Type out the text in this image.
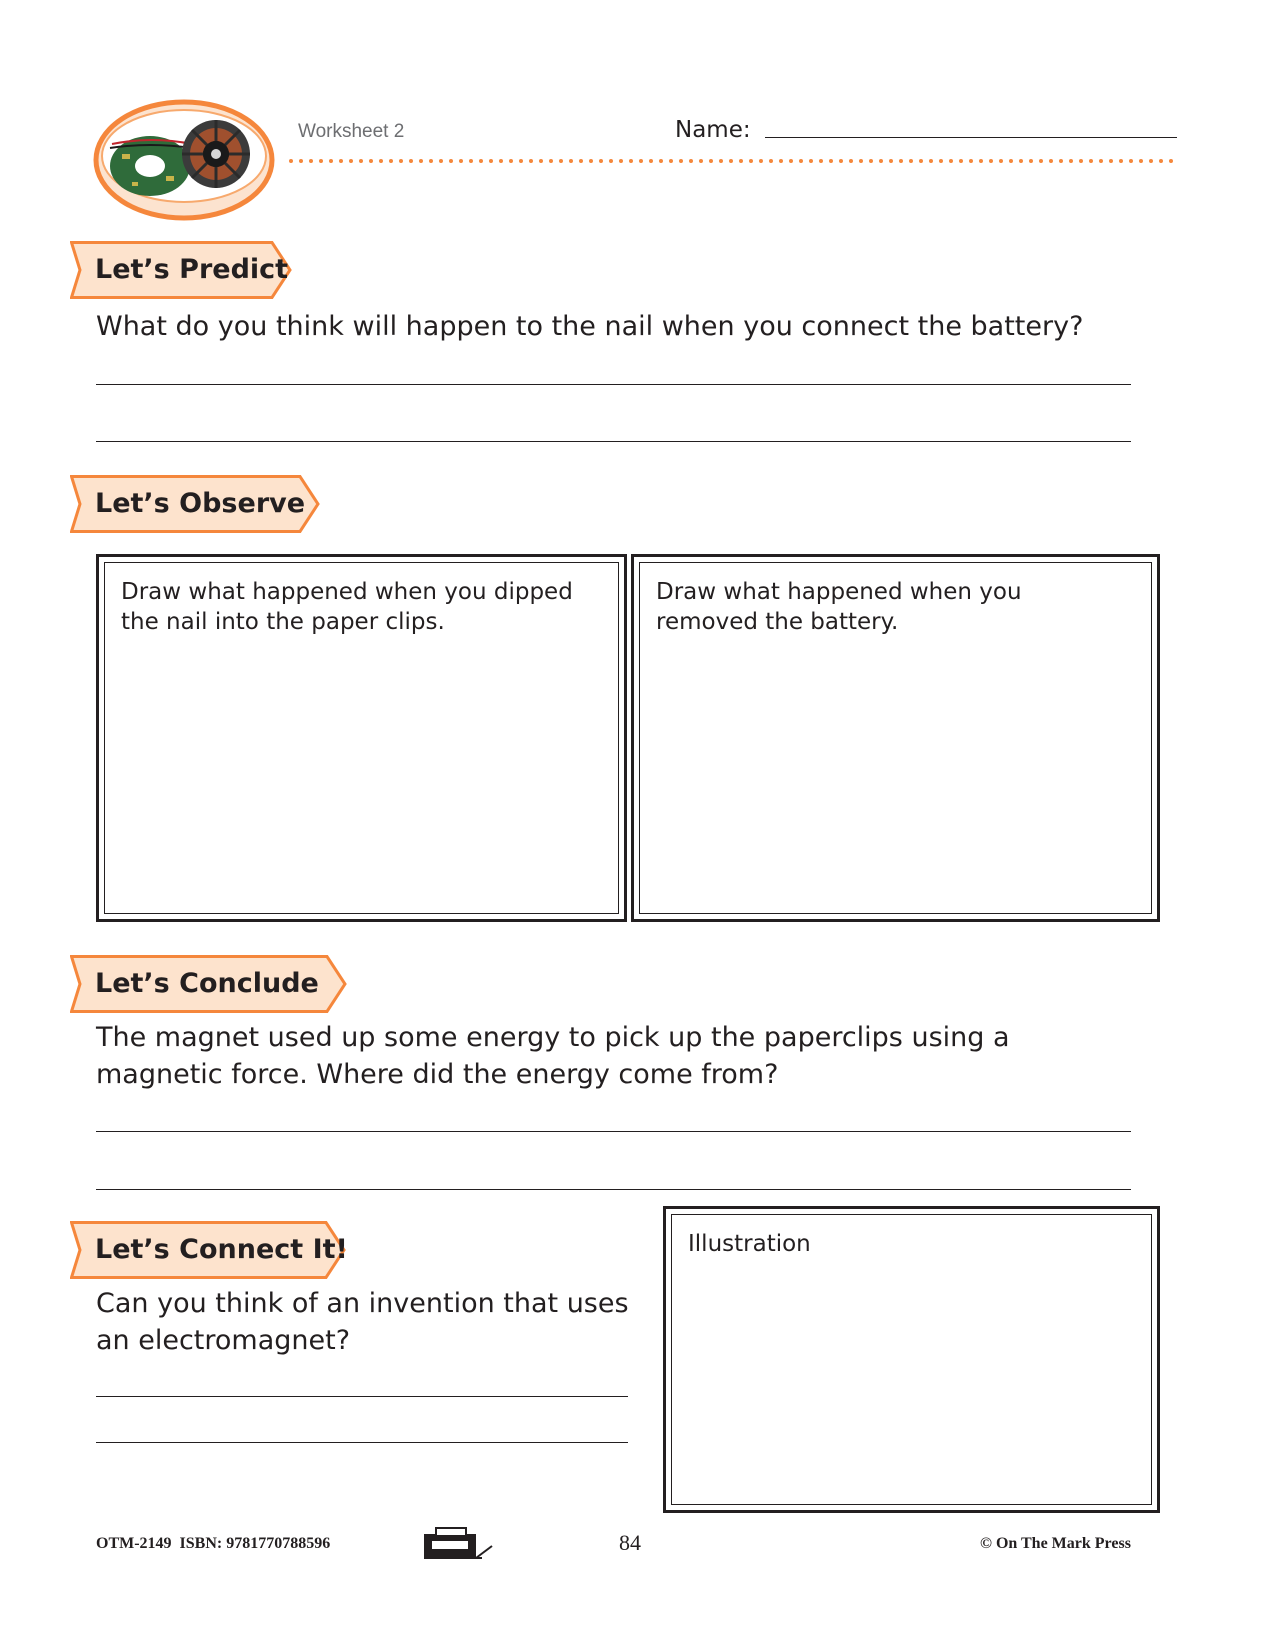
Worksheet 2	Name:
Let’s Predict
What do you think will happen to the nail when you connect the battery?
Let’s Observe
Draw what happened when you dipped the nail into the paper clips.
Draw what happened when you removed the battery.
Let’s Conclude
The magnet used up some energy to pick up the paperclips using a magnetic force. Where did the energy come from?
Let’s Connect It!
Can you think of an invention that uses an electromagnet?
Illustration
OTM-2149  ISBN: 9781770788596	84	© On The Mark Press
